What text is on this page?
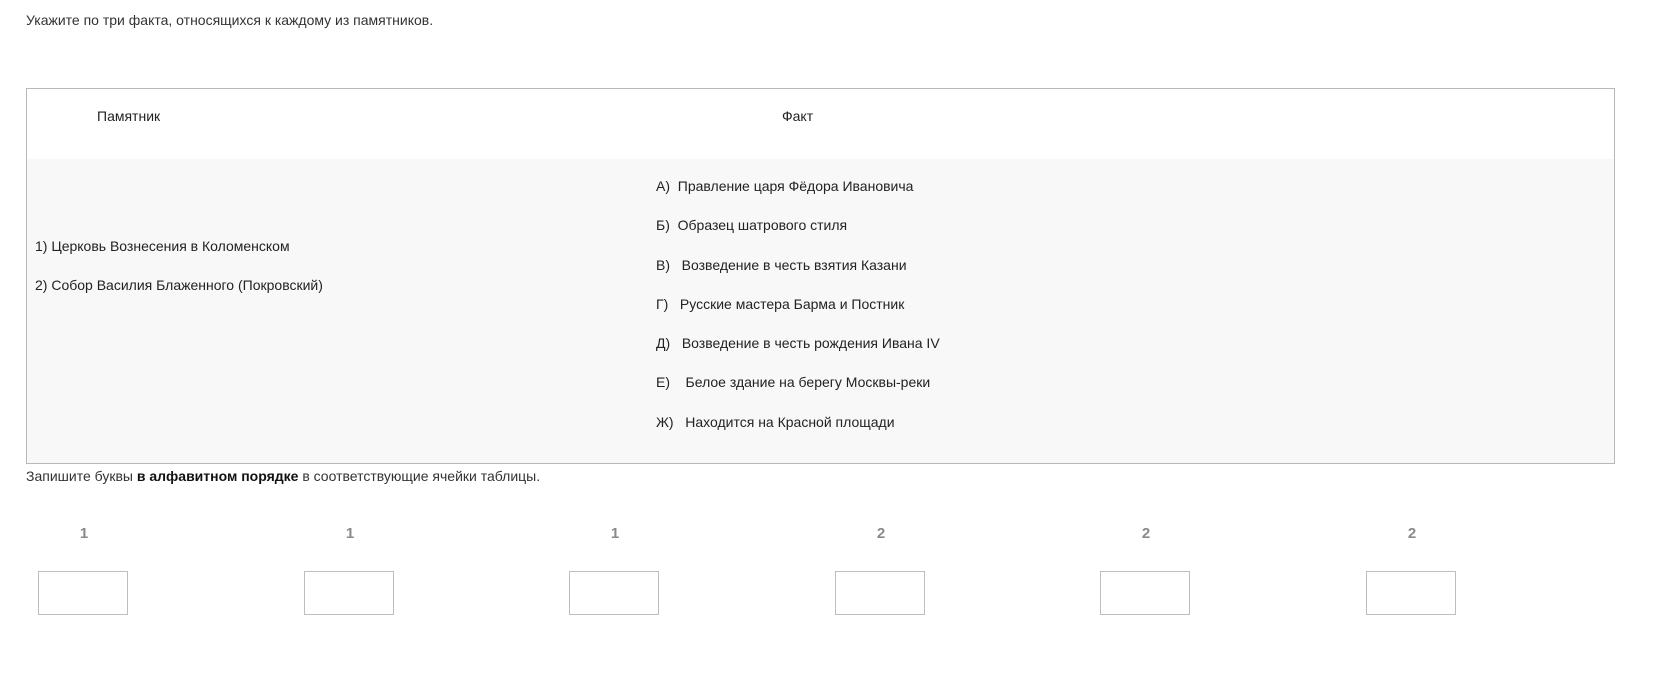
Укажите по три факта, относящихся к каждому из памятников.
Памятник	Факт
1) Церковь Вознесения в Коломенском
2) Собор Василия Блаженного (Покровский)
А)  Правление царя Фёдора Ивановича
Б)  Образец шатрового стиля
В)   Возведение в честь взятия Казани
Г)   Русские мастера Барма и Постник
Д)   Возведение в честь рождения Ивана IV
Е)    Белое здание на берегу Москвы-реки
Ж)   Находится на Красной площади
Запишите буквы в алфавитном порядке в соответствующие ячейки таблицы.
1	1	1	2	2	2
